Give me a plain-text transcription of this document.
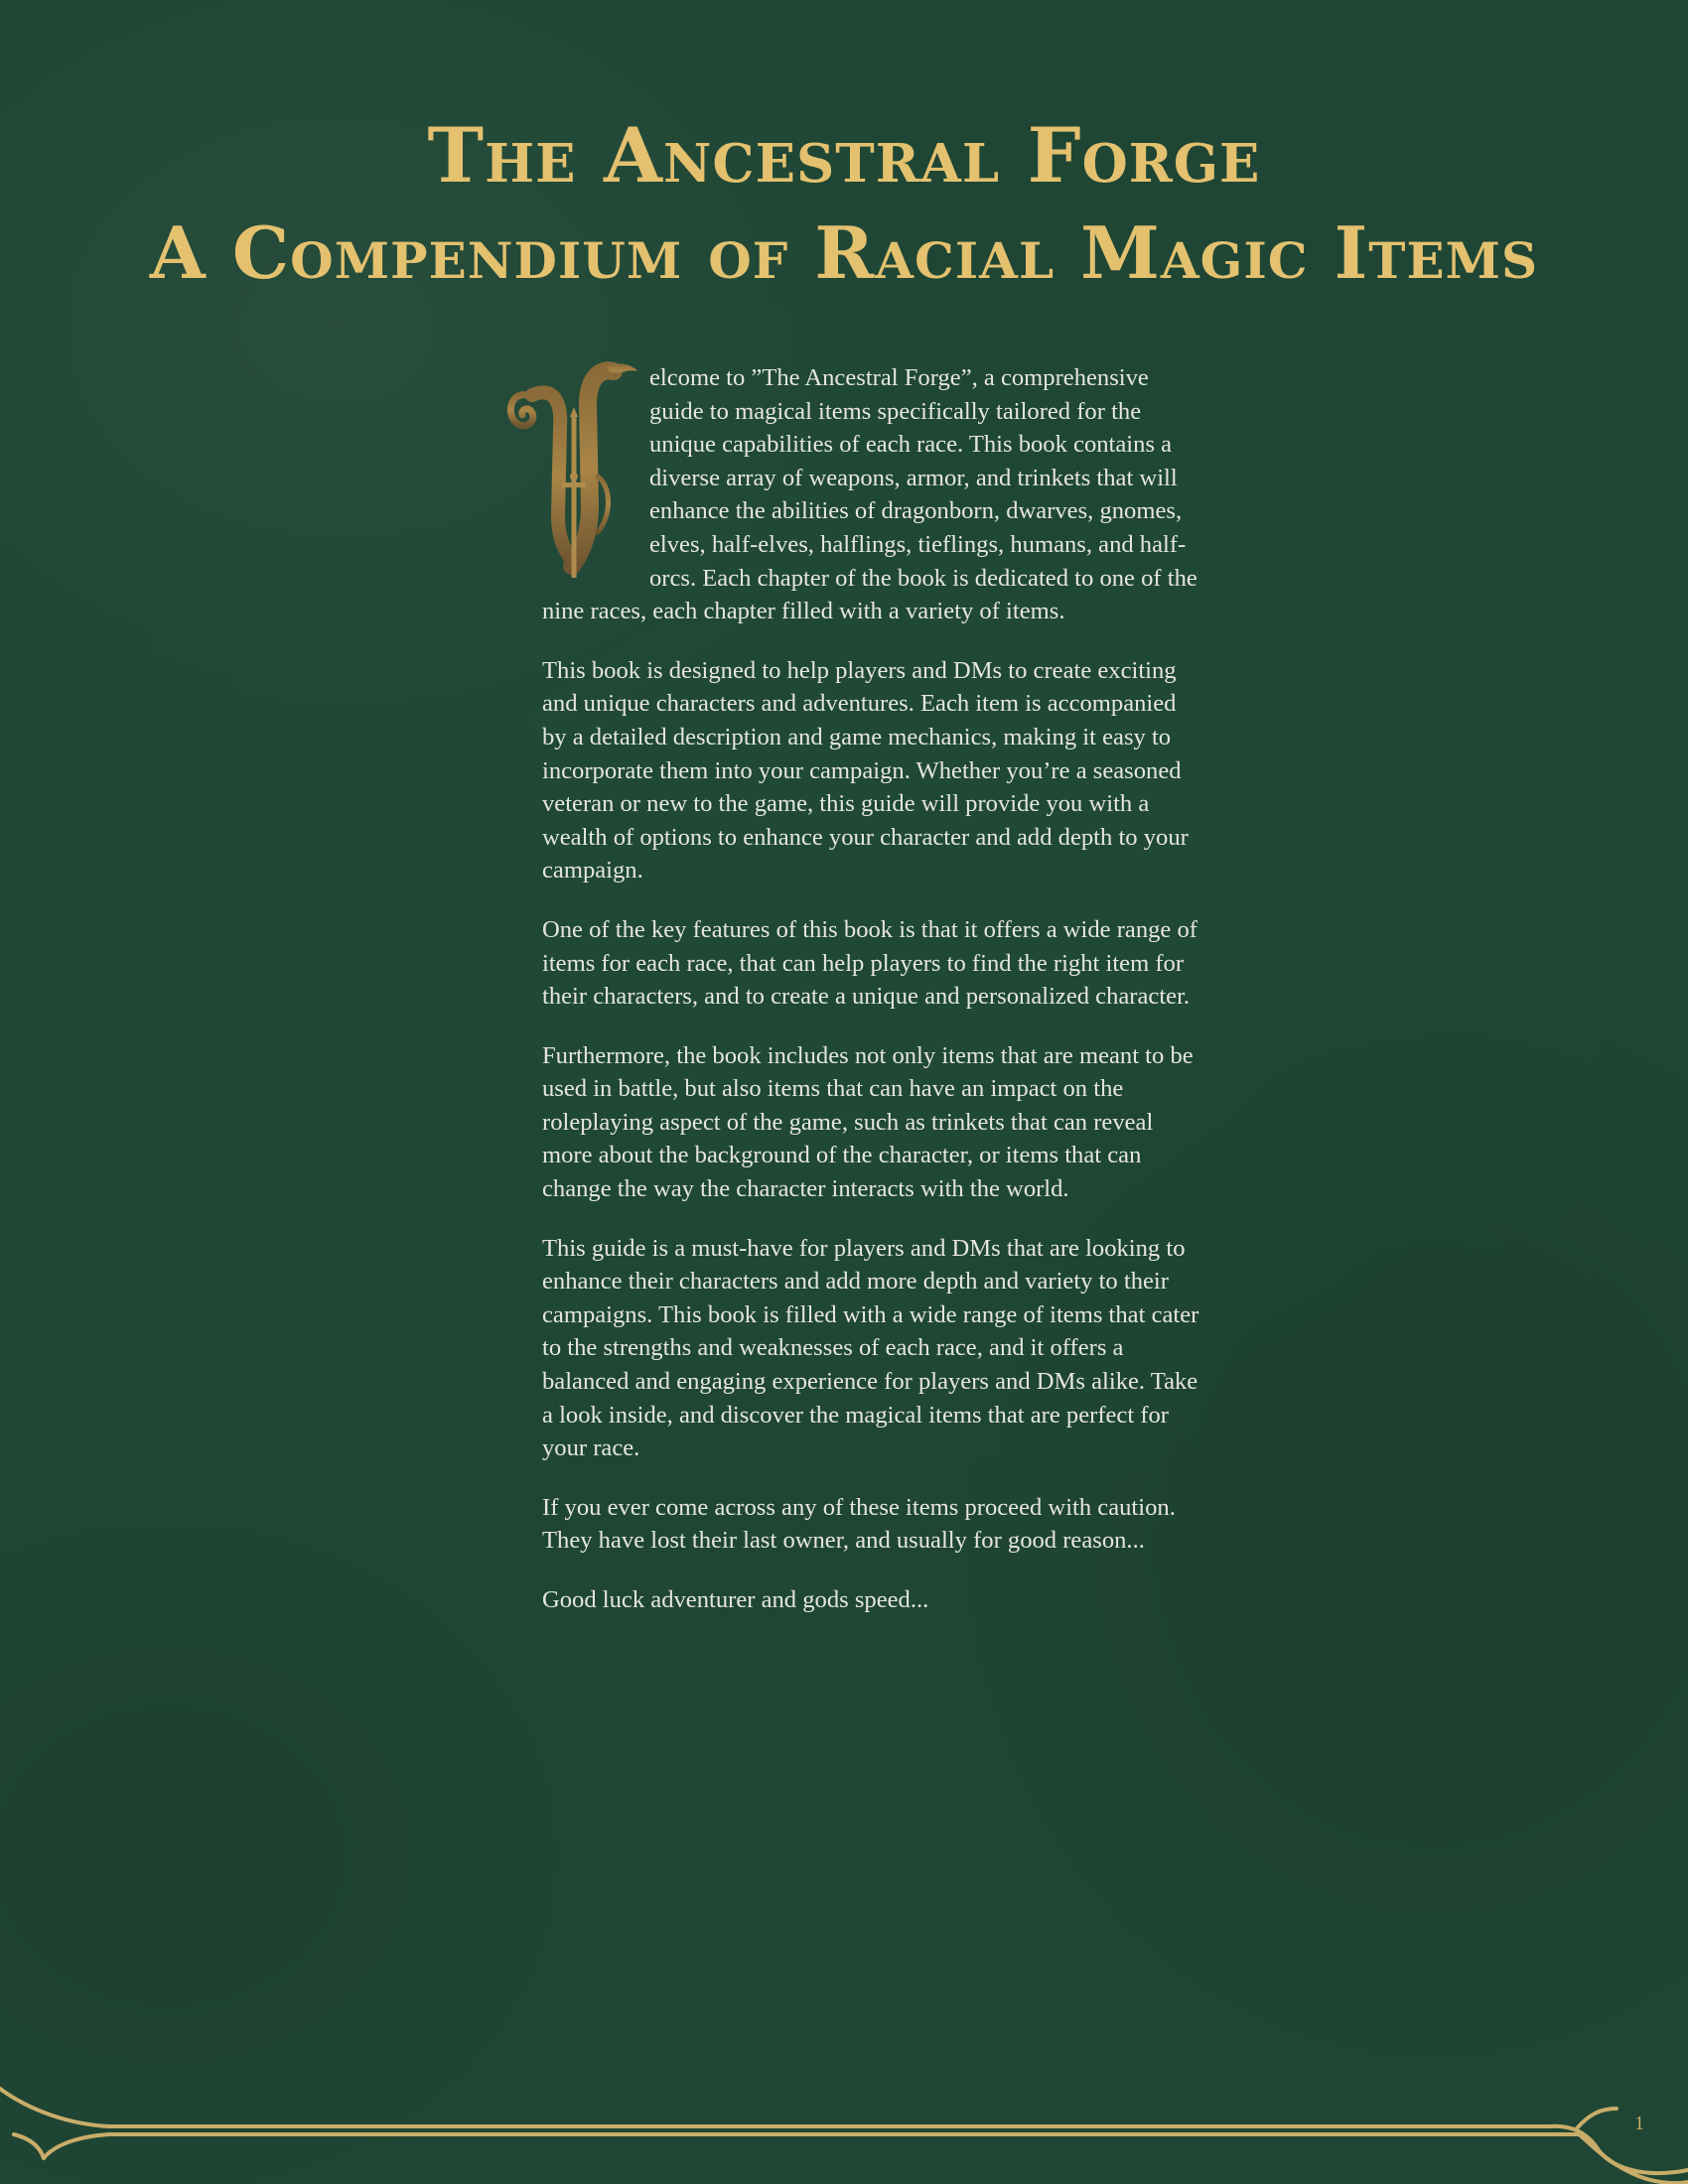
The Ancestral Forge
A Compendium of Racial Magic Items

elcome to ”The Ancestral Forge”, a comprehensive guide to magical items specifically tailored for the unique capabilities of each race. This book contains a diverse array of weapons, armor, and trinkets that will enhance the abilities of dragonborn, dwarves, gnomes, elves, half-elves, halflings, tieflings, humans, and half-orcs. Each chapter of the book is dedicated to one of the nine races, each chapter filled with a variety of items.

This book is designed to help players and DMs to create exciting and unique characters and adventures. Each item is accompanied by a detailed description and game mechanics, making it easy to incorporate them into your campaign. Whether you’re a seasoned veteran or new to the game, this guide will provide you with a wealth of options to enhance your character and add depth to your campaign.

One of the key features of this book is that it offers a wide range of items for each race, that can help players to find the right item for their characters, and to create a unique and personalized character.

Furthermore, the book includes not only items that are meant to be used in battle, but also items that can have an impact on the roleplaying aspect of the game, such as trinkets that can reveal more about the background of the character, or items that can change the way the character interacts with the world.

This guide is a must-have for players and DMs that are looking to enhance their characters and add more depth and variety to their campaigns. This book is filled with a wide range of items that cater to the strengths and weaknesses of each race, and it offers a balanced and engaging experience for players and DMs alike. Take a look inside, and discover the magical items that are perfect for your race.

If you ever come across any of these items proceed with caution. They have lost their last owner, and usually for good reason...

Good luck adventurer and gods speed...

1
